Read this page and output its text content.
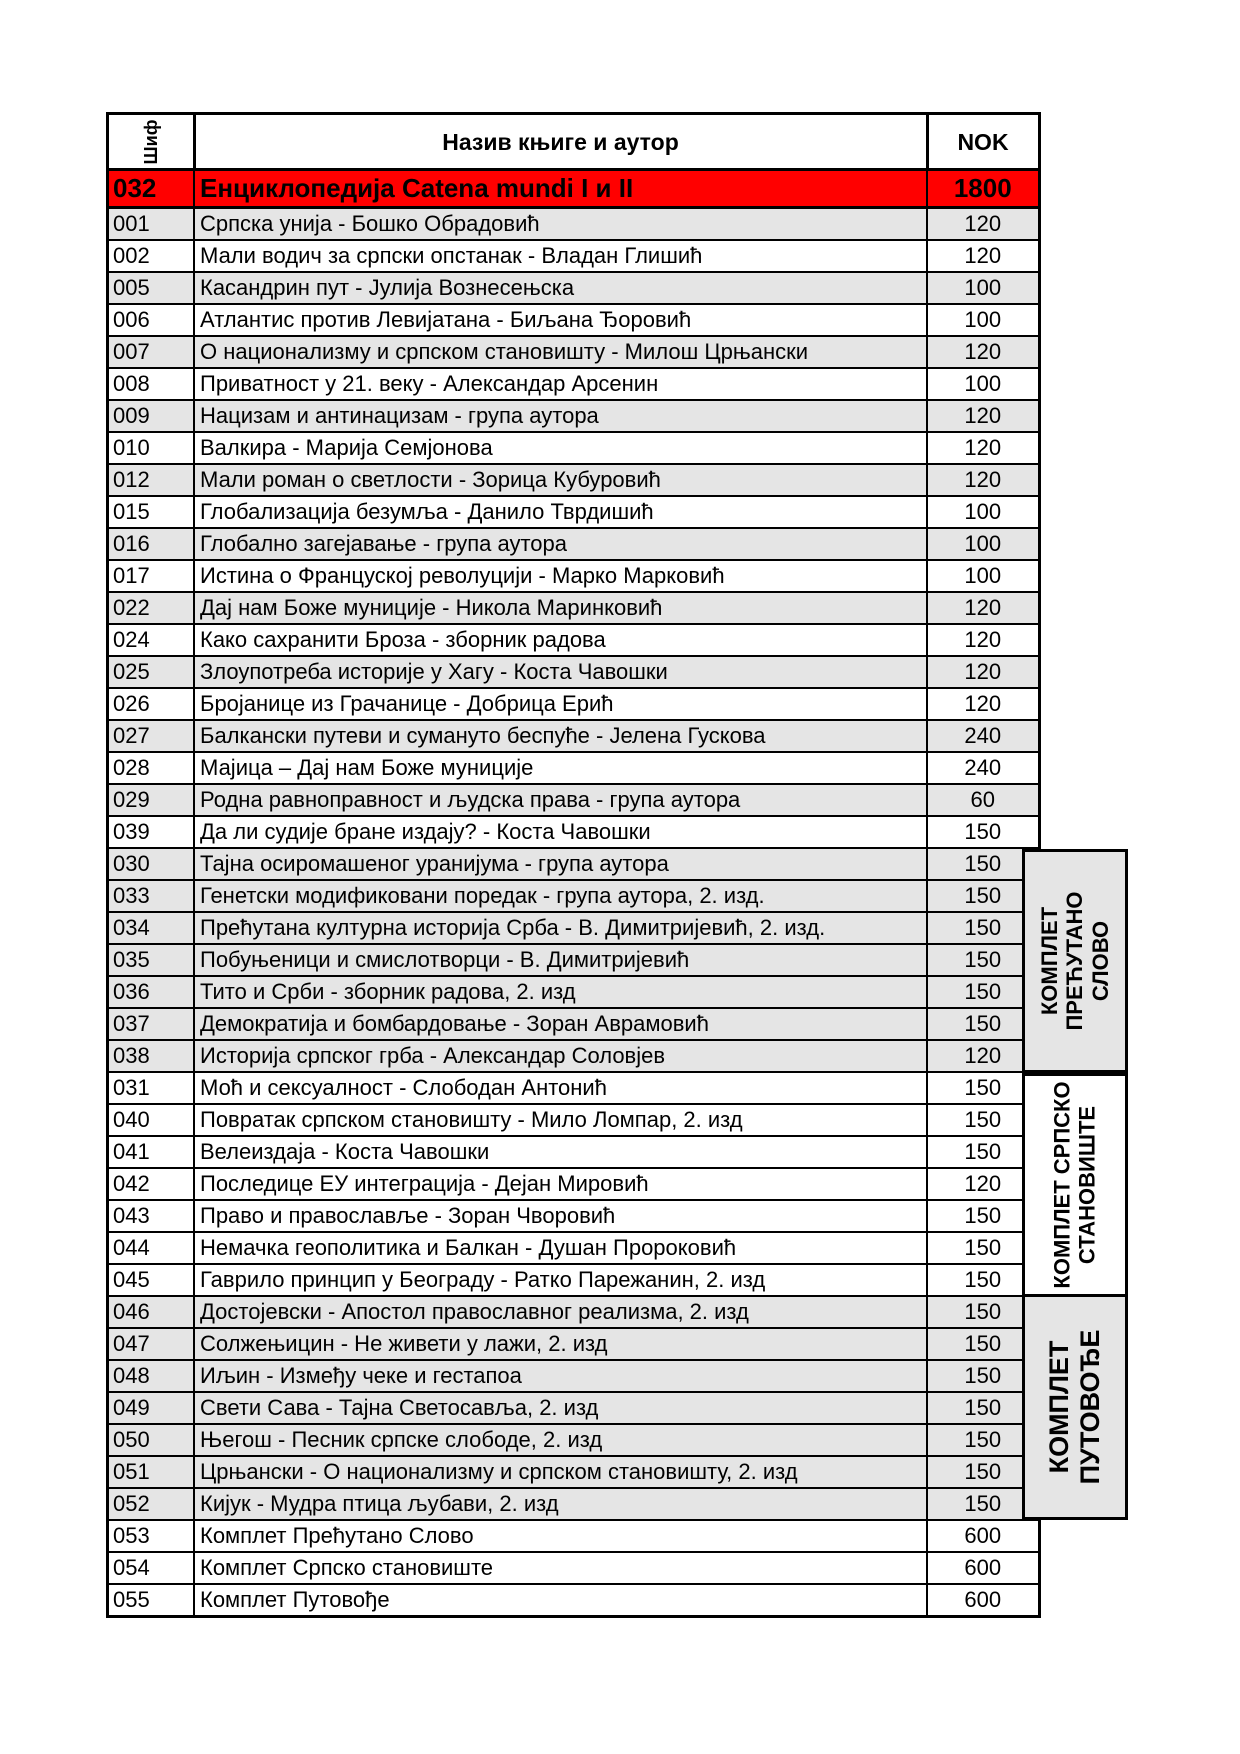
Шиф	Назив књиге и аутор	NOK
032	Енциклопедија Catena mundi I и II	1800
001	Српска унија - Бошко Обрадовић	120
002	Мали водич за српски опстанак - Владан Глишић	120
005	Касандрин пут - Јулија Вознесењска	100
006	Атлантис против Левијатана - Биљана Ђоровић	100
007	О национализму и српском становишту - Милош Црњански	120
008	Приватност у 21. веку - Александар Арсенин	100
009	Нацизам и антинацизам - група аутора	120
010	Валкира - Марија Семјонова	120
012	Мали роман о светлости - Зорица Кубуровић	120
015	Глобализација безумља - Данило Тврдишић	100
016	Глобално загејавање - група аутора	100
017	Истина о Француској револуцији - Марко Марковић	100
022	Дај нам Боже муниције - Никола Маринковић	120
024	Како сахранити Броза - зборник радова	120
025	Злоупотреба историје у Хагу - Коста Чавошки	120
026	Бројанице из Грачанице - Добрица Ерић	120
027	Балкански путеви и сумануто беспуће - Јелена Гускова	240
028	Мајица – Дај нам Боже муниције	240
029	Родна равноправност и људска права - група аутора	60
039	Да ли судије бране издају? - Коста Чавошки	150
030	Тајна осиромашеног уранијума - група аутора	150
033	Генетски модификовани поредак - група аутора, 2. изд.	150
034	Прећутана културна историја Срба - В. Димитријевић, 2. изд.	150
035	Побуњеници и смислотворци - В. Димитријевић	150
036	Тито и Срби - зборник радова, 2. изд	150
037	Демократија и бомбардовање - Зоран Аврамовић	150
038	Историја српског грба - Александар Соловјев	120
031	Моћ и сексуалност - Слободан Антонић	150
040	Повратак српском становишту - Мило Ломпар, 2. изд	150
041	Велеиздаја - Коста Чавошки	150
042	Последице ЕУ интеграција - Дејан Мировић	120
043	Право и православље - Зоран Чворовић	150
044	Немачка геополитика и Балкан - Душан Пророковић	150
045	Гаврило принцип у Београду - Ратко Парежанин, 2. изд	150
046	Достојевски - Апостол православног реализма, 2. изд	150
047	Солжењицин - Не живети у лажи, 2. изд	150
048	Иљин - Између чеке и гестапоа	150
049	Свети Сава - Тајна Светосављa, 2. изд	150
050	Његош - Песник српске слободе, 2. изд	150
051	Црњански - О национализму и српском становишту, 2. изд	150
052	Кијук - Мудра птица љубави, 2. изд	150
053	Комплет Прећутано Слово	600
054	Комплет Српско становиште	600
055	Комплет Путовође	600
КОМПЛЕТ ПРЕЋУТАНО СЛОВО
КОМПЛЕТ СРПСКО СТАНОВИШТЕ
КОМПЛЕТ ПУТОВОЂЕ
